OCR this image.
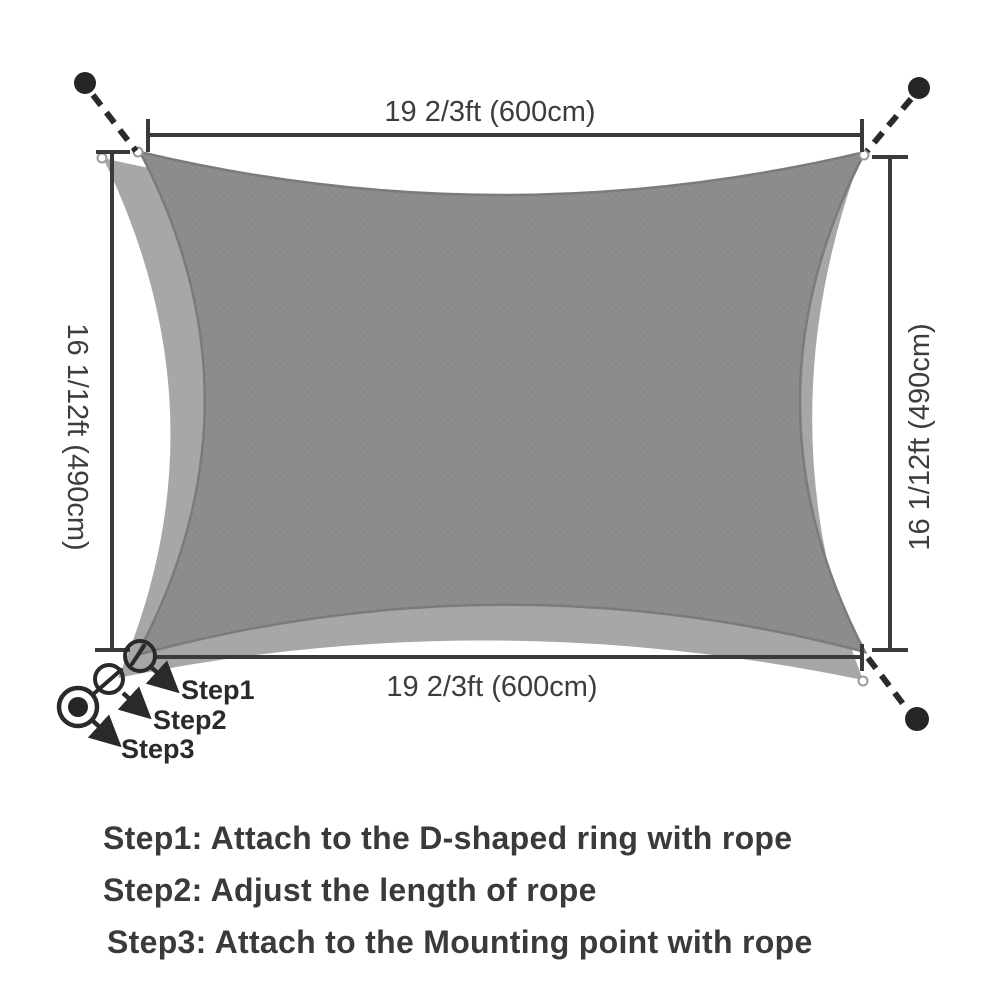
19 2/3ft (600cm)
19 2/3ft (600cm)
16 1/12ft (490cm)	16 1/12ft (490cm)
Step1
Step2
Step3
Step1: Attach to the D-shaped ring with rope
Step2: Adjust the length of rope
Step3: Attach to the Mounting point with rope
